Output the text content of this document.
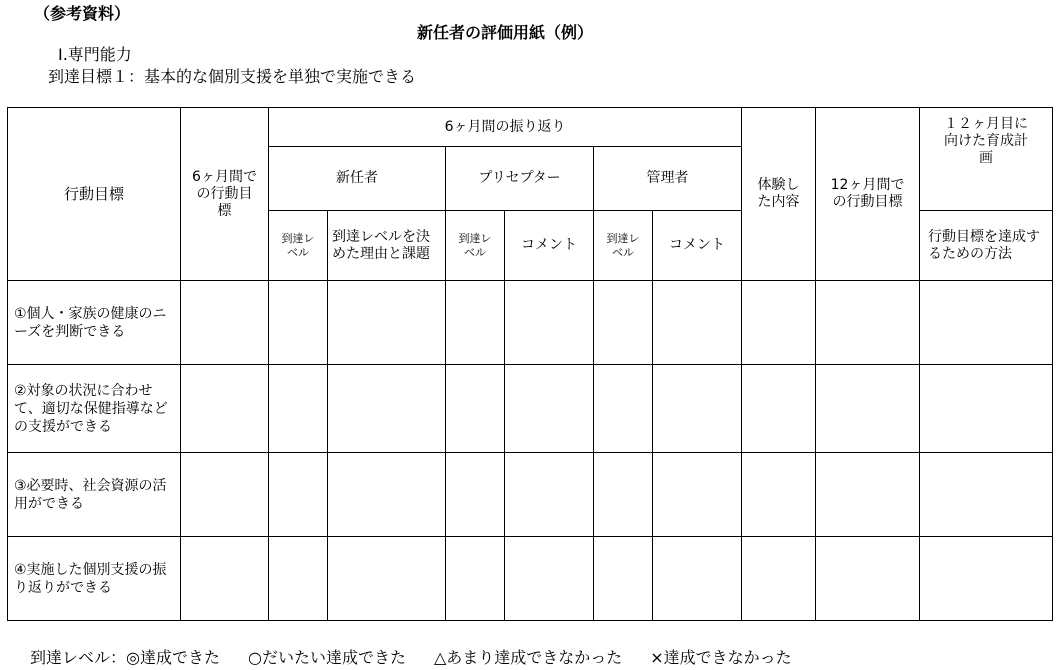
（参考資料）
新任者の評価用紙（例）
Ⅰ.専門能力
到達目標１：基本的な個別支援を単独で実施できる
行動目標	6ヶ月間での行動目標	6ヶ月間の振り返り						体験した内容	12ヶ月間での行動目標	１２ヶ月目に向けた育成計画
		新任者		プリセプター		管理者				
		到達レベル	到達レベルを決めた理由と課題	到達レベル	コメント	到達レベル	コメント			行動目標を達成するための方法
①個人・家族の健康のニーズを判断できる										
②対象の状況に合わせて、適切な保健指導などの支援ができる										
③必要時、社会資源の活用ができる										
④実施した個別支援の振り返りができる										
到達レベル：◎達成できた ○だいたい達成できた △あまり達成できなかった ×達成できなかった
